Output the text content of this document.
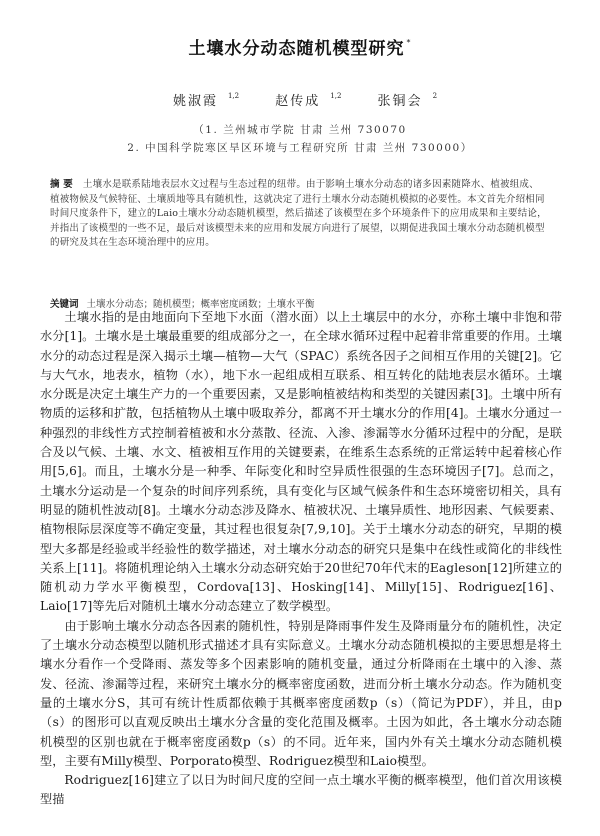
土壤水分动态随机模型研究 *
姚淑霞 $^{1,2}$	赵传成 $^{1,2}$	张铜会 $^2$
（1. 兰州城市学院 甘肃 兰州 730070
2. 中国科学院寒区旱区环境与工程研究所 甘肃 兰州 730000）
摘 要 土壤水是联系陆地表层水文过程与生态过程的纽带。由于影响土壤水分动态的诸多因素随降水、植被组成、植被物候及气候特征、土壤质地等具有随机性，这就决定了进行土壤水分动态随机模拟的必要性。本文首先介绍相同时间尺度条件下，建立的Laio土壤水分动态随机模型，然后描述了该模型在多个环境条件下的应用成果和主要结论，并指出了该模型的一些不足，最后对该模型未来的应用和发展方向进行了展望，以期促进我国土壤水分动态随机模型的研究及其在生态环境治理中的应用。
关键词 土壤水分动态；随机模型；概率密度函数；土壤水平衡

土壤水指的是由地面向下至地下水面（潜水面）以上土壤层中的水分，亦称土壤中非饱和带水分[1]。土壤水是土壤最重要的组成部分之一，在全球水循环过程中起着非常重要的作用。土壤水分的动态过程是深入揭示土壤—植物—大气（SPAC）系统各因子之间相互作用的关键[2]。它与大气水，地表水，植物（水），地下水一起组成相互联系、相互转化的陆地表层水循环。土壤水分既是决定土壤生产力的一个重要因素，又是影响植被结构和类型的关键因素[3]。土壤中所有物质的运移和扩散，包括植物从土壤中吸取养分，都离不开土壤水分的作用[4]。土壤水分通过一种强烈的非线性方式控制着植被和水分蒸散、径流、入渗、渗漏等水分循环过程中的分配，是联合及以气候、土壤、水文、植被相互作用的关键要素，在维系生态系统的正常运转中起着核心作用[5,6]。而且，土壤水分是一种季、年际变化和时空异质性很强的生态环境因子[7]。总而之，土壤水分运动是一个复杂的时间序列系统，具有变化与区域气候条件和生态环境密切相关，具有明显的随机性波动[8]。土壤水分动态涉及降水、植被状况、土壤异质性、地形因素、气候要素、植物根际层深度等不确定变量，其过程也很复杂[7,9,10]。关于土壤水分动态的研究，早期的模型大多都是经验或半经验性的数学描述，对土壤水分动态的研究只是集中在线性或简化的非线性关系上[11]。将随机理论纳入土壤水分动态研究始于20世纪70年代末的Eagleson[12]所建立的随机动力学水平衡模型，Cordova[13]、Hosking[14]、Milly[15]、Rodriguez[16]、Laio[17]等先后对随机土壤水分动态建立了数学模型。

由于影响土壤水分动态各因素的随机性，特别是降雨事件发生及降雨量分布的随机性，决定了土壤水分动态模型以随机形式描述才具有实际意义。土壤水分动态随机模拟的主要思想是将土壤水分看作一个受降雨、蒸发等多个因素影响的随机变量，通过分析降雨在土壤中的入渗、蒸发、径流、渗漏等过程，来研究土壤水分的概率密度函数，进而分析土壤水分动态。作为随机变量的土壤水分S，其可有统计性质都依赖于其概率密度函数p（s）（简记为PDF），并且，由p（s）的图形可以直观反映出土壤水分含量的变化范围及概率。土因为如此，各土壤水分动态随机模型的区别也就在于概率密度函数p（s）的不同。近年来，国内外有关土壤水分动态随机模型，主要有Milly模型、Porporato模型、Rodriguez模型和Laio模型。

Rodriguez[16]建立了以日为时间尺度的空间一点土壤水平衡的概率模型，他们首次用该模型描
